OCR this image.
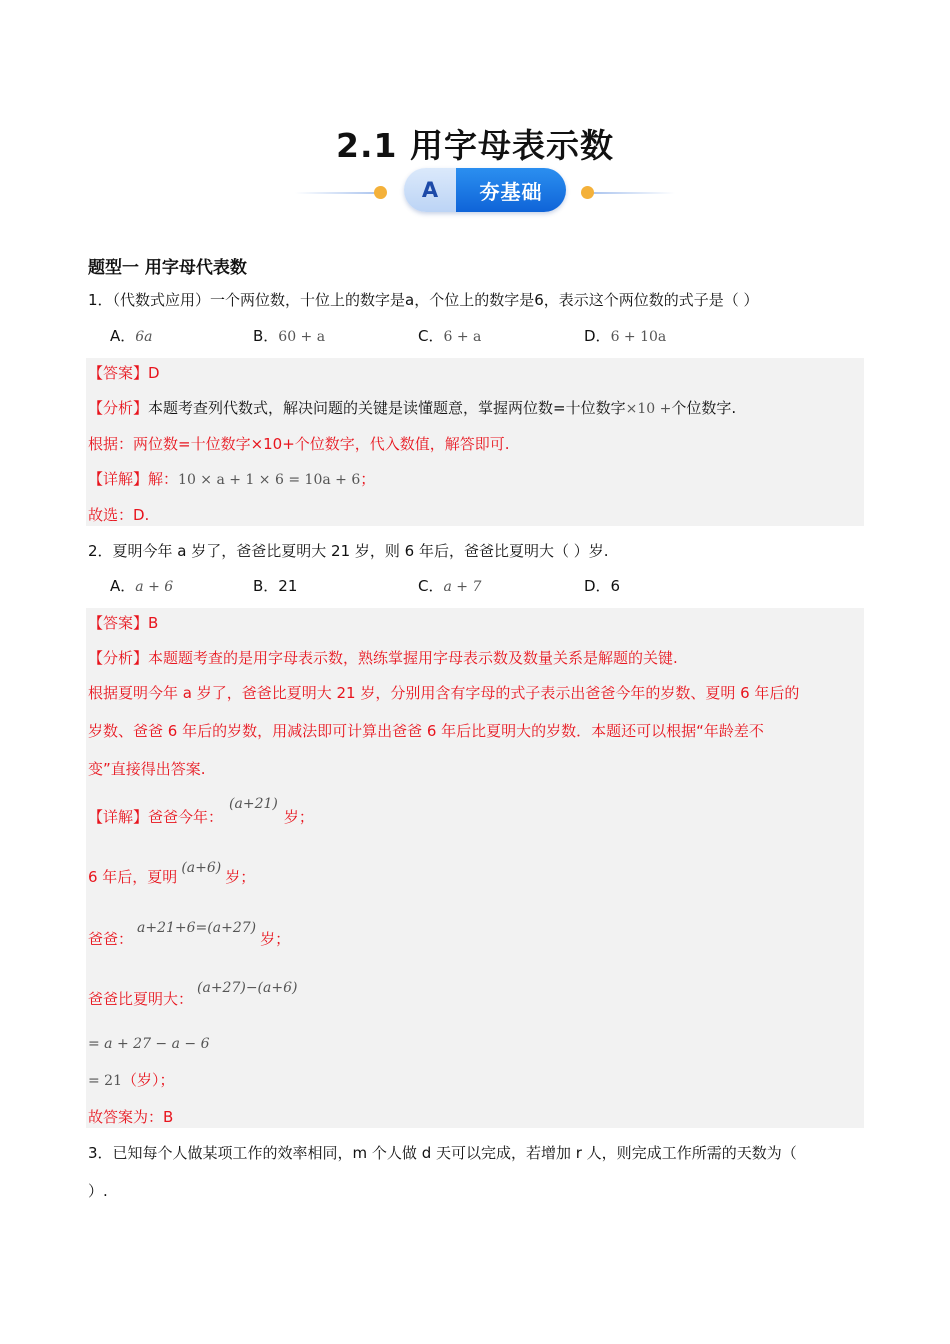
2.1 用字母表示数
A	夯基础
题型一 用字母代表数
1．（代数式应用）一个两位数，十位上的数字是a，个位上的数字是6，表示这个两位数的式子是（ ）
A．6a	B．60 + a	C．6 + a	D．6 + 10a
【答案】D
【分析】本题考查列代数式，解决问题的关键是读懂题意，掌握两位数=十位数字×10 +个位数字.
根据：两位数=十位数字×10+个位数字，代入数值，解答即可.
【详解】解：10 × a + 1 × 6 = 10a + 6；
故选：D.
2．夏明今年 a 岁了，爸爸比夏明大 21 岁，则 6 年后，爸爸比夏明大（ ）岁.
A．a + 6	B．21	C．a + 7	D．6
【答案】B
【分析】本题题考查的是用字母表示数，熟练掌握用字母表示数及数量关系是解题的关键.
根据夏明今年 a 岁了，爸爸比夏明大 21 岁，分别用含有字母的式子表示出爸爸今年的岁数、夏明 6 年后的
岁数、爸爸 6 年后的岁数，用减法即可计算出爸爸 6 年后比夏明大的岁数．本题还可以根据“年龄差不
变”直接得出答案.
【详解】爸爸今年：(a+21)岁；
6 年后，夏明 (a+6) 岁；
爸爸：a+21+6=(a+27)岁；
爸爸比夏明大：(a+27)−(a+6)
= a + 27 − a − 6
= 21（岁）；
故答案为：B
3．已知每个人做某项工作的效率相同，m 个人做 d 天可以完成，若增加 r 人，则完成工作所需的天数为（
）.
